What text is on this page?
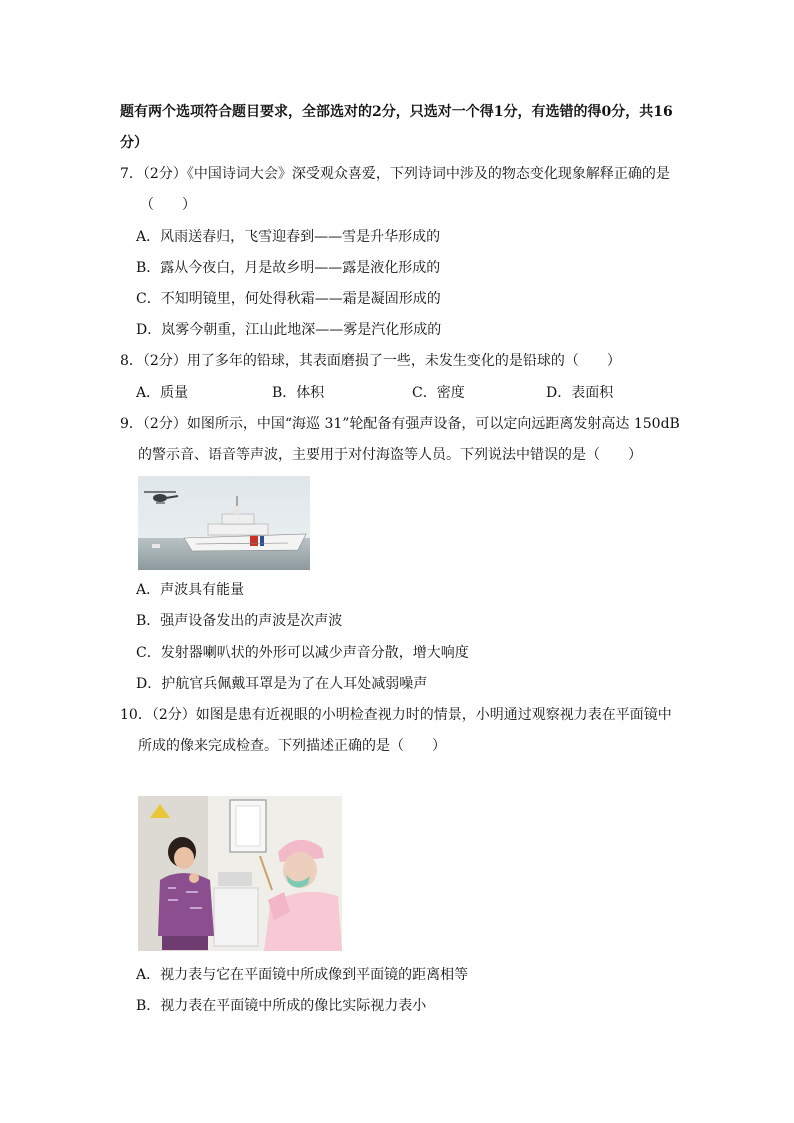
题有两个选项符合题目要求，全部选对的2分，只选对一个得1分，有选错的得0分，共16
分）
7．（2分）《中国诗词大会》深受观众喜爱，下列诗词中涉及的物态变化现象解释正确的是
（　　）
A．风雨送春归，飞雪迎春到——雪是升华形成的
B．露从今夜白，月是故乡明——露是液化形成的
C．不知明镜里，何处得秋霜——霜是凝固形成的
D．岚雾今朝重，江山此地深——雾是汽化形成的
8．（2分）用了多年的铅球，其表面磨损了一些，未发生变化的是铅球的（　　）
A．质量	B．体积	C．密度	D．表面积
9．（2分）如图所示，中国“海巡 31”轮配备有强声设备，可以定向远距离发射高达 150dB
的警示音、语音等声波，主要用于对付海盗等人员。下列说法中错误的是（　　）
A．声波具有能量
B．强声设备发出的声波是次声波
C．发射器喇叭状的外形可以减少声音分散，增大响度
D．护航官兵佩戴耳罩是为了在人耳处减弱噪声
10．（2分）如图是患有近视眼的小明检查视力时的情景，小明通过观察视力表在平面镜中
所成的像来完成检查。下列描述正确的是（　　）
A．视力表与它在平面镜中所成像到平面镜的距离相等
B．视力表在平面镜中所成的像比实际视力表小
